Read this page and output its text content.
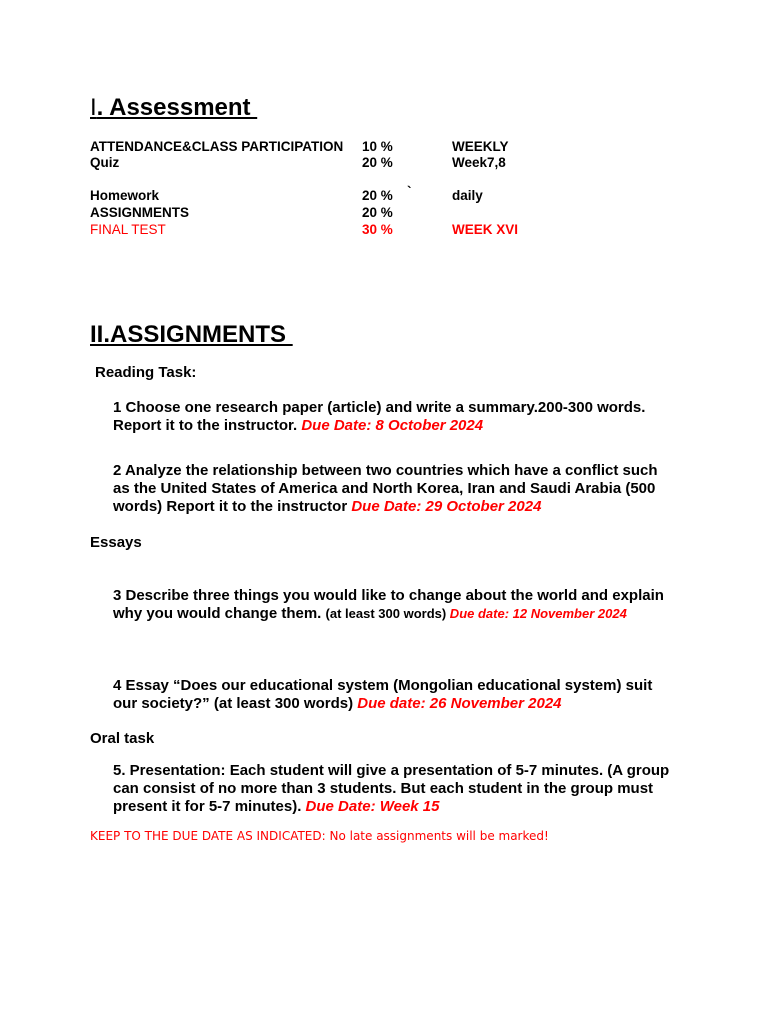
I. Assessment
ATTENDANCE&CLASS PARTICIPATION 10 %	WEEKLY
Quiz	20 %	Week7,8
Homework	20 % `	daily
ASSIGNMENTS	20 %
FINAL TEST	30 %	WEEK XVI
II.ASSIGNMENTS
Reading Task:
1 Choose one research paper (article) and write a summary.200-300 words. Report it to the instructor. Due Date: 8 October 2024
2 Analyze the relationship between two countries which have a conflict such as the United States of America and North Korea, Iran and Saudi Arabia (500 words) Report it to the instructor Due Date: 29 October 2024
Essays
3 Describe three things you would like to change about the world and explain why you would change them. (at least 300 words) Due date: 12 November 2024
4 Essay “Does our educational system (Mongolian educational system) suit our society?” (at least 300 words) Due date: 26 November 2024
Oral task
5. Presentation: Each student will give a presentation of 5-7 minutes. (A group can consist of no more than 3 students. But each student in the group must present it for 5-7 minutes). Due Date: Week 15
KEEP TO THE DUE DATE AS INDICATED: No late assignments will be marked!
